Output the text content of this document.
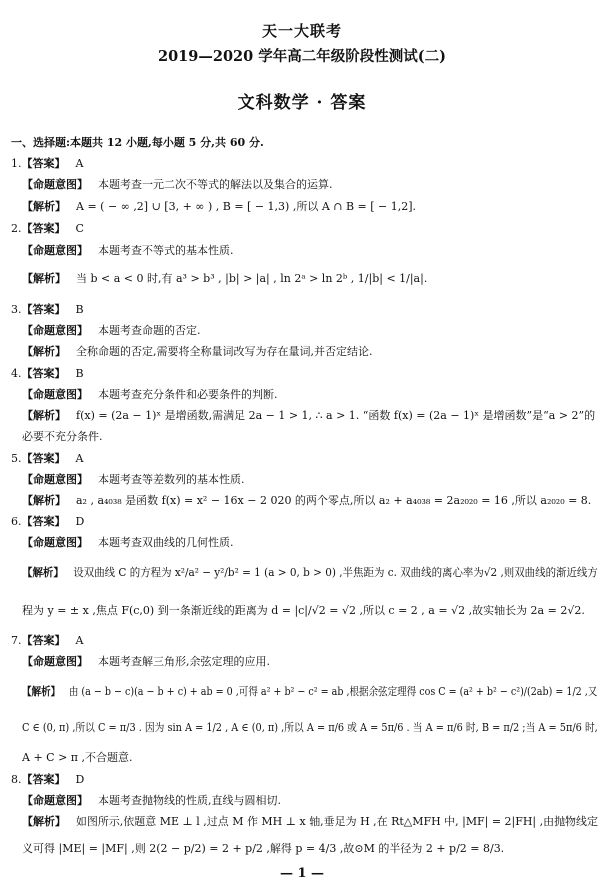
天一大联考
2019—2020 学年高二年级阶段性测试(二)
文科数学 · 答案
一、选择题:本题共 12 小题,每小题 5 分,共 60 分.
1.【答案】 A
【命题意图】 本题考查一元二次不等式的解法以及集合的运算.
【解析】 A = ( − ∞ ,2] ∪ [3, + ∞ ) , B = [ − 1,3) ,所以 A ∩ B = [ − 1,2].
2.【答案】 C
【命题意图】 本题考查不等式的基本性质.
【解析】 当 b < a < 0 时,有 a³ > b³ , |b| > |a| , ln 2ᵃ > ln 2ᵇ , 1/|b| < 1/|a|.
3.【答案】 B
【命题意图】 本题考查命题的否定.
【解析】 全称命题的否定,需要将全称量词改写为存在量词,并否定结论.
4.【答案】 B
【命题意图】 本题考查充分条件和必要条件的判断.
【解析】 f(x) = (2a − 1)ˣ 是增函数,需满足 2a − 1 > 1, ∴ a > 1. “函数 f(x) = (2a − 1)ˣ 是增函数”是“a > 2”的
必要不充分条件.
5.【答案】 A
【命题意图】 本题考查等差数列的基本性质.
【解析】 a₂ , a₄₀₃₈ 是函数 f(x) = x² − 16x − 2 020 的两个零点,所以 a₂ + a₄₀₃₈ = 2a₂₀₂₀ = 16 ,所以 a₂₀₂₀ = 8.
6.【答案】 D
【命题意图】 本题考查双曲线的几何性质.
【解析】 设双曲线 C 的方程为 x²/a² − y²/b² = 1 (a > 0, b > 0) ,半焦距为 c. 双曲线的离心率为√2 ,则双曲线的渐近线方
程为 y = ± x ,焦点 F(c,0) 到一条渐近线的距离为 d = |c|/√2 = √2 ,所以 c = 2 , a = √2 ,故实轴长为 2a = 2√2.
7.【答案】 A
【命题意图】 本题考查解三角形,余弦定理的应用.
【解析】 由 (a − b − c)(a − b + c) + ab = 0 ,可得 a² + b² − c² = ab ,根据余弦定理得 cos C = (a² + b² − c²)/(2ab) = 1/2 ,又
C ∈ (0, π) ,所以 C = π/3 . 因为 sin A = 1/2 , A ∈ (0, π) ,所以 A = π/6 或 A = 5π/6 . 当 A = π/6 时, B = π/2 ;当 A = 5π/6 时,
A + C > π ,不合题意.
8.【答案】 D
【命题意图】 本题考查抛物线的性质,直线与圆相切.
【解析】 如图所示,依题意 ME ⊥ l ,过点 M 作 MH ⊥ x 轴,垂足为 H ,在 Rt△MFH 中, |MF| = 2|FH| ,由抛物线定
义可得 |ME| = |MF| ,则 2(2 − p/2) = 2 + p/2 ,解得 p = 4/3 ,故⊙M 的半径为 2 + p/2 = 8/3.
— 1 —
